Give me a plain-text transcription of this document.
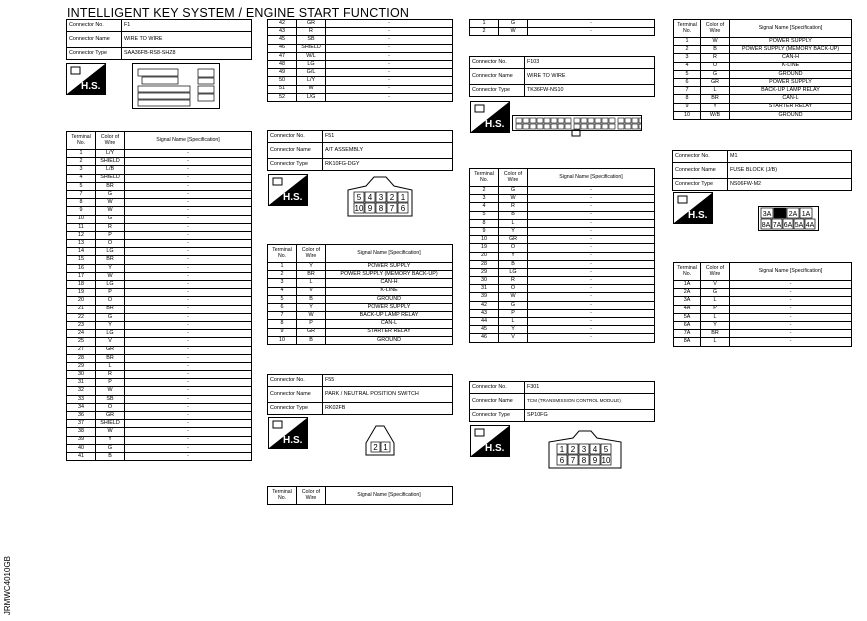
INTELLIGENT KEY SYSTEM / ENGINE START FUNCTION
Connector No.	F1
Connector Name	WIRE TO WIRE
Connector Type	SAA36FB-RS8-SHZ8
H.S.
Terminal No.	Color of Wire	Signal Name [Specification]
1	L/Y	-
2	SHIELD	-
3	L/B	-
4	SHIELD	-
5	BR	-
7	G	-
8	W	-
9	W	-
10	G	-
11	R	-
12	P	-
13	O	-
14	LG	-
15	BR	-
16	Y	-
17	W	-
18	LG	-
19	P	-
20	O	-
21	BR	-
22	G	-
23	Y	-
24	LG	-
25	V	-
27	GR	-
28	BR	-
29	L	-
30	R	-
31	P	-
32	W	-
33	SB	-
34	O	-
36	GR	-
37	SHIELD	-
38	W	-
39	Y	-
40	G	-
41	B	-
42	GR	-
43	R	-
45	SB	-
46	SHIELD	-
47	W/L	-
48	LG	-
49	G/L	-
50	L/Y	-
51	W	-
52	L/G	-
Connector No.	F51
Connector Name	A/T ASSEMBLY
Connector Type	RK10FG-DGY
H.S.	5 4 3 2 1
10 9 8 7 6
Terminal No.	Color of Wire	Signal Name [Specification]
1	Y	POWER SUPPLY
2	BR	POWER SUPPLY (MEMORY BACK-UP)
3	L	CAN-H
4	V	K-LINE
5	B	GROUND
6	Y	POWER SUPPLY
7	W	BACK-UP LAMP RELAY
8	P	CAN-L
9	GR	STARTER RELAY
10	B	GROUND
Connector No.	F55
Connector Name	PARK / NEUTRAL POSITION SWITCH
Connector Type	RK02FB
H.S.
2 1
Terminal No.	Color of Wire	Signal Name [Specification]
1	G	-
2	W	-
Connector No.	F103
Connector Name	WIRE TO WIRE
Connector Type	TK36FW-NS10
H.S.
Terminal No.	Color of Wire	Signal Name [Specification]
2	G	-
3	W	-
4	R	-
5	B	-
8	L	-
9	Y	-
10	GR	-
19	O	-
20	Y	-
28	B	-
29	LG	-
30	R	-
31	O	-
39	W	-
42	G	-
43	P	-
44	L	-
45	Y	-
46	V	-
Connector No.	F301
Connector Name	TCM (TRANSMISSION CONTROL MODULE)
Connector Type	SP10FG
H.S.	1 2 3 4 5
6 7 8 9 10
Terminal No.	Color of Wire	Signal Name [Specification]
1	W	POWER SUPPLY
2	B	POWER SUPPLY (MEMORY BACK-UP)
3	R	CAN-H
4	O	K-LINE
5	G	GROUND
6	GR	POWER SUPPLY
7	L	BACK-UP LAMP RELAY
8	BR	CAN-L
9	Y	STARTER RELAY
10	W/B	GROUND
Connector No.	M1
Connector Name	FUSE BLOCK (J/B)
Connector Type	NS06FW-M2
H.S.	3A 2A 1A
8A 7A 6A 5A 4A
Terminal No.	Color of Wire	Signal Name [Specification]
1A	V	-
2A	G	-
3A	L	-
4A	P	-
5A	L	-
6A	Y	-
7A	BR	-
8A	L	-
JRMWC4010GB
